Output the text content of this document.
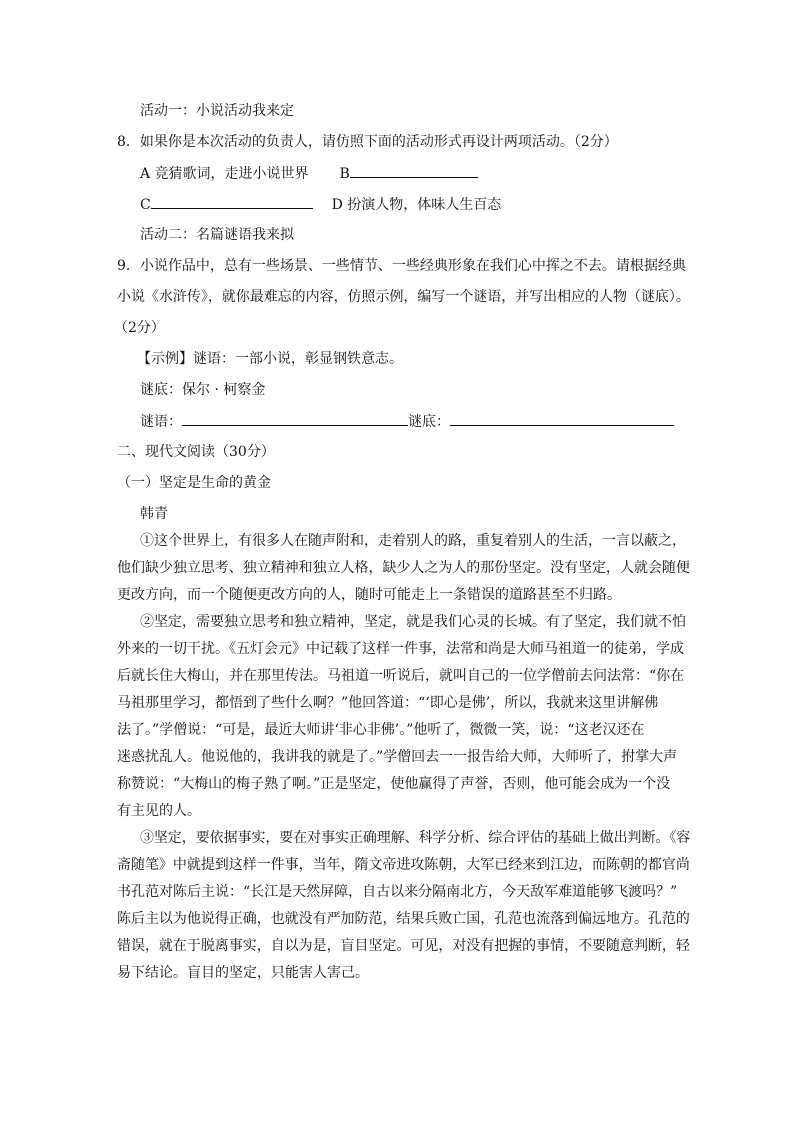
活动一：小说活动我来定
8．如果你是本次活动的负责人，请仿照下面的活动形式再设计两项活动。（2分）
A 竞猜歌词，走进小说世界 B
C	D 扮演人物，体味人生百态
活动二：名篇谜语我来拟
9．小说作品中，总有一些场景、一些情节、一些经典形象在我们心中挥之不去。请根据经典
小说《水浒传》，就你最难忘的内容，仿照示例，编写一个谜语，并写出相应的人物（谜底）。
（2分）
【示例】谜语：一部小说，彰显钢铁意志。
谜底：保尔 · 柯察金
谜语：	谜底：
二、现代文阅读（30分）
（一）坚定是生命的黄金
韩青
①这个世界上，有很多人在随声附和，走着别人的路，重复着别人的生活，一言以蔽之，
他们缺少独立思考、独立精神和独立人格，缺少人之为人的那份坚定。没有坚定，人就会随便
更改方向，而一个随便更改方向的人，随时可能走上一条错误的道路甚至不归路。
②坚定，需要独立思考和独立精神，坚定，就是我们心灵的长城。有了坚定，我们就不怕
外来的一切干扰。《五灯会元》中记载了这样一件事，法常和尚是大师马祖道一的徒弟，学成
后就长住大梅山，并在那里传法。马祖道一听说后，就叫自己的一位学僧前去问法常：“你在
马祖那里学习，都悟到了些什么啊？”他回答道：“‘即心是佛’，所以，我就来这里讲解佛
法了。”学僧说：“可是，最近大师讲‘非心非佛’。”他听了，微微一笑，说：“这老汉还在
迷惑扰乱人。他说他的，我讲我的就是了。”学僧回去一一报告给大师，大师听了，拊掌大声
称赞说：“大梅山的梅子熟了啊。”正是坚定，使他赢得了声誉，否则，他可能会成为一个没
有主见的人。
③坚定，要依据事实，要在对事实正确理解、科学分析、综合评估的基础上做出判断。《容
斋随笔》中就提到这样一件事，当年，隋文帝进攻陈朝，大军已经来到江边，而陈朝的都官尚
书孔范对陈后主说：“长江是天然屏障，自古以来分隔南北方，今天敌军难道能够飞渡吗？”
陈后主以为他说得正确，也就没有严加防范，结果兵败亡国，孔范也流落到偏远地方。孔范的
错误，就在于脱离事实，自以为是，盲目坚定。可见，对没有把握的事情，不要随意判断，轻
易下结论。盲目的坚定，只能害人害己。
